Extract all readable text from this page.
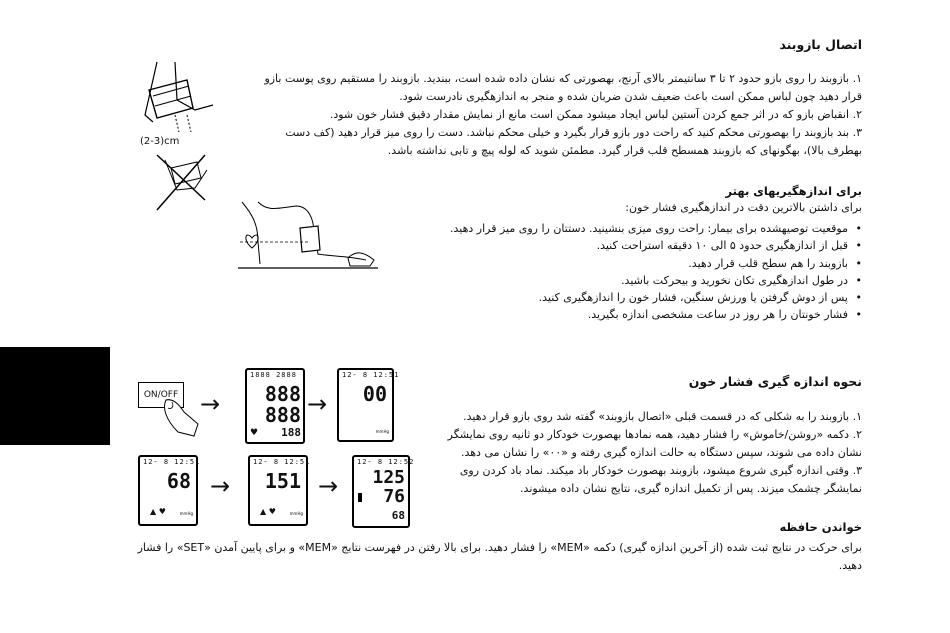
اتصال بازوبند
۱. بازوبند را روی بازو حدود ۲ تا ۳ سانتیمتر بالای آرنج، بهصورتی که نشان داده شده است، ببندید. بازوبند را مستقیم روی پوست بازو قرار دهید چون لباس ممکن است باعث ضعیف شدن ضربان شده و منجر به اندازهگیری نادرست شود.
۲. انقباض بازو که در اثر جمع کردن آستین لباس ایجاد میشود ممکن است مانع از نمایش مقدار دقیق فشار خون شود.
۳. بند بازوبند را بهصورتی محکم کنید که راحت دور بازو قرار بگیرد و خیلی محکم نباشد. دست را روی میز قرار دهید (کف دست بهطرف بالا)، بهگونهای که بازوبند همسطح قلب قرار گیرد. مطمئن شوید که لوله پیچ و تابی نداشته باشد.
(2-3)cm
برای اندازهگیریهای بهتر
برای داشتن بالاترین دقت در اندازهگیری فشار خون:
• موقعیت توصیهشده برای بیمار: راحت روی میزی بنشینید. دستتان را روی میز قرار دهید.
• قبل از اندازهگیری حدود ۵ الی ۱۰ دقیقه استراحت کنید.
• بازوبند را هم سطح قلب قرار دهید.
• در طول اندازهگیری تکان نخورید و بیحرکت باشید.
• پس از دوش گرفتن یا ورزش سنگین، فشار خون را اندازهگیری کنید.
• فشار خونتان را هر روز در ساعت مشخصی اندازه بگیرید.
نحوه اندازه گیری فشار خون
۱. بازوبند را به شکلی که در قسمت قبلی «اتصال بازوبند» گفته شد روی بازو قرار دهید.
۲. دکمه «روشن/خاموش» را فشار دهید، همه نمادها بهصورت خودکار دو ثانیه روی نمایشگر نشان داده می شوند، سپس دستگاه به حالت اندازه گیری رفته و «۰۰» را نشان می دهد.
۳. وقتی اندازه گیری شروع میشود، بازوبند بهصورت خودکار باد میکند. نماد باد کردن روی نمایشگر چشمک میزند. پس از تکمیل اندازه گیری، نتایج نشان داده میشوند.
ON/OFF →
1888 2888
888
888
188
♥
→
12- 8 12:51
00
mmHg
12- 8 12:51
68
▲ ♥	mmHg
→
12- 8 12:51
151
▲ ♥	mmHg
→
12- 8 12:52
125
76
68
خواندن حافظه
برای حرکت در نتایج ثبت شده (از آخرین اندازه گیری) دکمه «MEM» را فشار دهید. برای بالا رفتن در فهرست نتایج «MEM» و برای پایین آمدن «SET» را فشار دهید.
